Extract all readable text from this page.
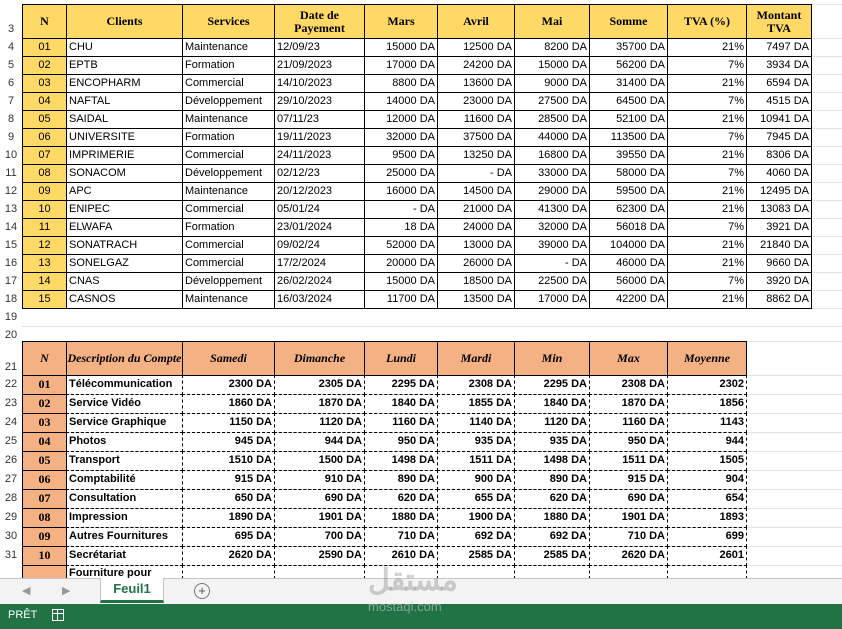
3
4
5
6
7
8
9
10
11
12
13
14
15
16
17
18
19
20
21
22
23
24
25
26
27
28
29
30
31
N	Clients	Services	Date de Payement	Mars	Avril	Mai	Somme	TVA (%)	Montant TVA
01	CHU	Maintenance	12/09/23	15000 DA	12500 DA	8200 DA	35700 DA	21%	7497 DA
02	EPTB	Formation	21/09/2023	17000 DA	24200 DA	15000 DA	56200 DA	7%	3934 DA
03	ENCOPHARM	Commercial	14/10/2023	8800 DA	13600 DA	9000 DA	31400 DA	21%	6594 DA
04	NAFTAL	Développement	29/10/2023	14000 DA	23000 DA	27500 DA	64500 DA	7%	4515 DA
05	SAIDAL	Maintenance	07/11/23	12000 DA	11600 DA	28500 DA	52100 DA	21%	10941 DA
06	UNIVERSITE	Formation	19/11/2023	32000 DA	37500 DA	44000 DA	113500 DA	7%	7945 DA
07	IMPRIMERIE	Commercial	24/11/2023	9500 DA	13250 DA	16800 DA	39550 DA	21%	8306 DA
08	SONACOM	Développement	02/12/23	25000 DA	- DA	33000 DA	58000 DA	7%	4060 DA
09	APC	Maintenance	20/12/2023	16000 DA	14500 DA	29000 DA	59500 DA	21%	12495 DA
10	ENIPEC	Commercial	05/01/24	- DA	21000 DA	41300 DA	62300 DA	21%	13083 DA
11	ELWAFA	Formation	23/01/2024	18 DA	24000 DA	32000 DA	56018 DA	7%	3921 DA
12	SONATRACH	Commercial	09/02/24	52000 DA	13000 DA	39000 DA	104000 DA	21%	21840 DA
13	SONELGAZ	Commercial	17/2/2024	20000 DA	26000 DA	- DA	46000 DA	21%	9660 DA
14	CNAS	Développement	26/02/2024	15000 DA	18500 DA	22500 DA	56000 DA	7%	3920 DA
15	CASNOS	Maintenance	16/03/2024	11700 DA	13500 DA	17000 DA	42200 DA	21%	8862 DA
N	Description du Compte	Samedi	Dimanche	Lundi	Mardi	Min	Max	Moyenne
01	Télécommunication	2300 DA	2305 DA	2295 DA	2308 DA	2295 DA	2308 DA	2302
02	Service Vidéo	1860 DA	1870 DA	1840 DA	1855 DA	1840 DA	1870 DA	1856
03	Service Graphique	1150 DA	1120 DA	1160 DA	1140 DA	1120 DA	1160 DA	1143
04	Photos	945 DA	944 DA	950 DA	935 DA	935 DA	950 DA	944
05	Transport	1510 DA	1500 DA	1498 DA	1511 DA	1498 DA	1511 DA	1505
06	Comptabilité	915 DA	910 DA	890 DA	900 DA	890 DA	915 DA	904
07	Consultation	650 DA	690 DA	620 DA	655 DA	620 DA	690 DA	654
08	Impression	1890 DA	1901 DA	1880 DA	1900 DA	1880 DA	1901 DA	1893
09	Autres Fournitures	695 DA	700 DA	710 DA	692 DA	692 DA	710 DA	699
10	Secrétariat	2620 DA	2590 DA	2610 DA	2585 DA	2585 DA	2620 DA	2601
Fourniture pour
◀	▶	Feuil1	+	مستقل
PRÊT
mostaql.com
